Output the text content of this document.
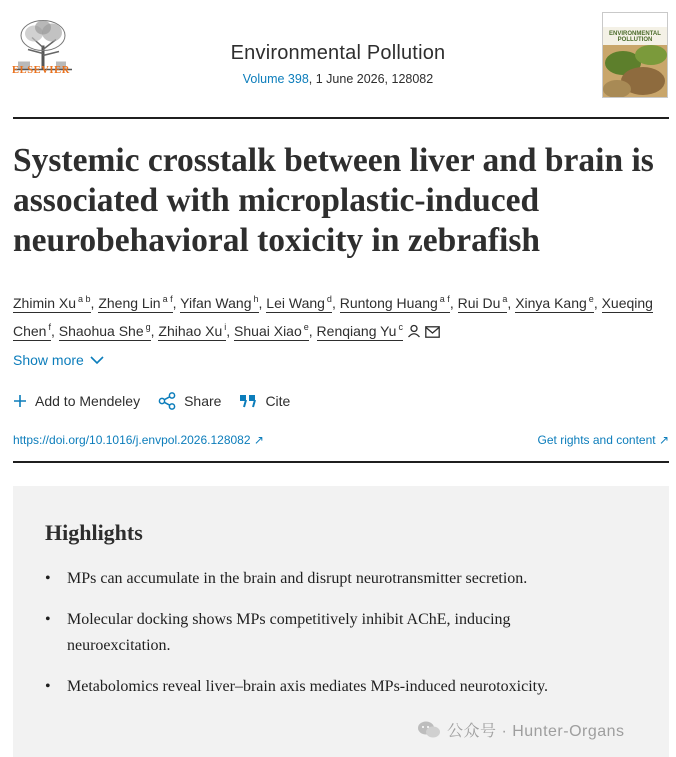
ELSEVIER
Environmental Pollution
Volume 398, 1 June 2026, 128082
ENVIRONMENTAL POLLUTION
Systemic crosstalk between liver and brain is associated with microplastic-induced neurobehavioral toxicity in zebrafish
Zhimin Xu $^{a b}$, Zheng Lin $^{a f}$, Yifan Wang $^h$, Lei Wang $^d$, Runtong Huang $^{a f}$, Rui Du $^a$, Xinya Kang $^e$, Xueqing Chen $^f$, Shaohua She $^g$, Zhihao Xu $^i$, Shuai Xiao $^e$, Renqiang Yu $^c$
Show more
Add to Mendeley	Share	Cite
https://doi.org/10.1016/j.envpol.2026.128082 ↗	Get rights and content ↗
Highlights
• MPs can accumulate in the brain and disrupt neurotransmitter secretion.
• Molecular docking shows MPs competitively inhibit AChE, inducing neuroexcitation.
• Metabolomics reveal liver–brain axis mediates MPs-induced neurotoxicity.
公众号 · Hunter-Organs
